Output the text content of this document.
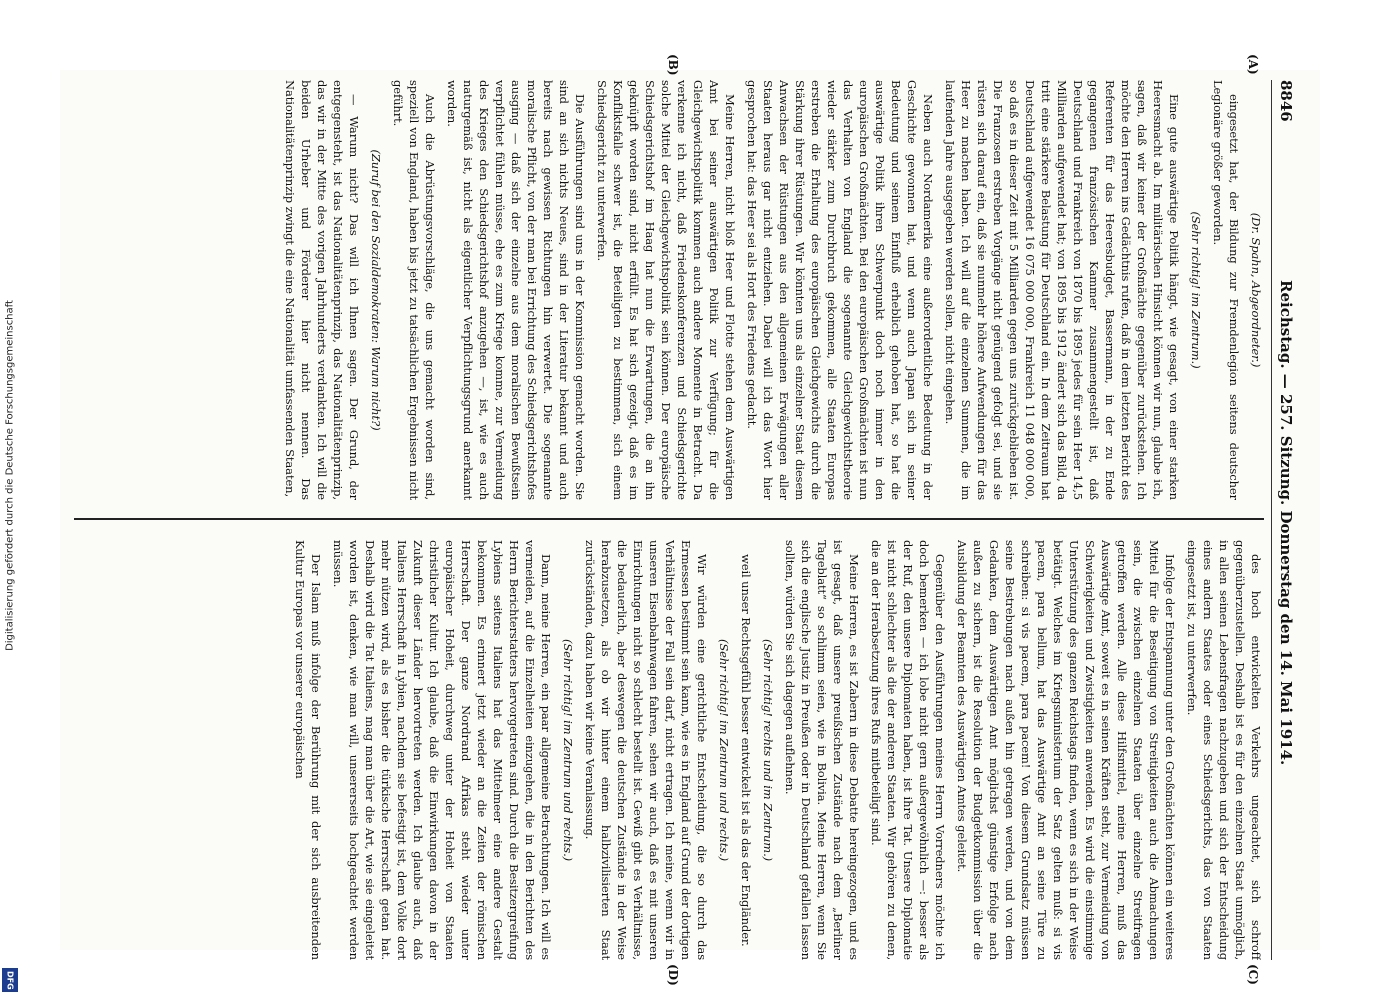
8846
Reichstag. — 257. Sitzung. Donnerstag den 14. Mai 1914.
(A)
(B)
(C)
(D)

(Dr. Spahn, Abgeordneter.)

eingesetzt hat, der Bildung zur Fremdenlegion seitens deutscher Legionäre größer geworden.

(Sehr richtig! im Zentrum.)

Eine gute auswärtige Politik hängt, wie gesagt, von einer starken Heeresmacht ab. Im militärischen Hinsicht können wir nun, glaube ich, sagen, daß wir keiner der Großmächte gegenüber zurückstehen. Ich möchte den Herren ins Gedächtnis rufen, daß in dem letzten Bericht des Referenten für das Heeresbudget, Bassermann, in der zu Ende gegangenen französischen Kammer zusammengestellt ist, daß Deutschland und Frankreich von 1870 bis 1895 jedes für sein Heer 14,5 Milliarden aufgewendet hat; von 1895 bis 1912 ändert sich das Bild, da tritt eine stärkere Belastung für Deutschland ein. In dem Zeitraum hat Deutschland aufgewendet 16 075 000 000, Frankreich 11 048 000 000, so daß es in dieser Zeit mit 5 Milliarden gegen uns zurückgeblieben ist. Die Franzosen erstreben Vorgänge nicht genügend gefolgt sei, und sie rüsten sich darauf ein, daß sie nunmehr höhere Aufwendungen für das Heer zu machen haben. Ich will auf die einzelnen Summen, die im laufenden Jahre ausgegeben werden sollen, nicht eingehen.

Neben auch Nordamerika eine außerordentliche Bedeutung in der Geschichte gewonnen hat, und wenn auch Japan sich in seiner Bedeutung und seinem Einfluß erheblich gehoben hat, so hat die auswärtige Politik ihren Schwerpunkt doch noch immer in den europäischen Großmächten. Bei den europäischen Großmächten ist nun das Verhalten von England die sogenannte Gleichgewichtstheorie wieder stärker zum Durchbruch gekommen, alle Staaten Europas erstreben die Erhaltung des europäischen Gleichgewichts durch die Stärkung ihrer Rüstungen. Wir könnten uns als einzelner Staat diesem Anwachsen der Rüstungen aus den allgemeinen Erwägungen aller Staaten heraus gar nicht entziehen. Dabei will ich das Wort hier gesprochen hat: das Heer sei als Hort des Friedens gedacht.

Meine Herren, nicht bloß Heer und Flotte stehen dem Auswärtigen Amt bei seiner auswärtigen Politik zur Verfügung; für die Gleichgewichtspolitik kommen auch andere Momente in Betracht. Da verkenne ich nicht, daß Friedenskonferenzen und Schiedsgerichte solche Mittel der Gleichgewichtspolitik sein können. Der europäische Schiedsgerichtshof im Haag hat nun die Erwartungen, die an ihn geknüpft worden sind, nicht erfüllt. Es hat sich gezeigt, daß es im Konfliktsfalle schwer ist, die Beteiligten zu bestimmen, sich einem Schiedsgericht zu unterwerfen.

Die Ausführungen sind uns in der Kommission gemacht worden. Sie sind an sich nichts Neues, sind in der Literatur bekannt und auch bereits nach gewissen Richtungen hin verwertet. Die sogenannte moralische Pflicht, von der man bei Errichtung des Schiedsgerichtshofes ausging — daß sich der einzelne aus dem moralischen Bewußtsein verpflichtet fühlen müsse, ehe es zum Kriege komme, zur Vermeidung des Krieges den Schiedsgerichtshof anzugehen —, ist, wie es auch naturgemäß ist, nicht als eigentlicher Verpflichtungsgrund anerkannt worden.

Auch die Abrüstungsvorschläge, die uns gemacht worden sind, speziell von England, haben bis jetzt zu tatsächlichen Ergebnissen nicht geführt.

(Zuruf bei den Sozialdemokraten: Warum nicht?)

— Warum nicht? Das will ich Ihnen sagen. Der Grund, der entgegensteht, ist das Nationalitätenprinzip, das Nationalitätenprinzip, das wir in der Mitte des vorigen Jahrhunderts verdankten. Ich will die beiden Urheber und Förderer hier nicht nennen. Das Nationalitätenprinzip zwingt die eine Nationalität umfassenden Staaten,

des hoch entwickelten Verkehrs ungeachtet, sich schroff gegenüberzustellen. Deshalb ist es für den einzelnen Staat unmöglich, in allen seinen Lebensfragen nachzugeben und sich der Entscheidung eines andern Staates oder eines Schiedsgerichts, das von Staaten eingesetzt ist, zu unterwerfen.

Infolge der Entspannung unter den Großmächten können ein weiteres Mittel für die Beseitigung von Streitigkeiten auch die Abmachungen sein, die zwischen einzelnen Staaten über einzelne Streitfragen getroffen werden. Alle diese Hilfsmittel, meine Herren, muß das Auswärtige Amt, soweit es in seinen Kräften steht, zur Vermeidung von Schwierigkeiten und Zwistigkeiten anwenden. Es wird die einstimmige Unterstützung des ganzen Reichstags finden, wenn es sich in der Weise betätigt. Welches im Kriegsministerium der Satz gelten muß: si vis pacem, para bellum, hat das Auswärtige Amt an seine Türe zu schreiben: si vis pacem, para pacem! Von diesem Grundsatz müssen seine Bestrebungen nach außen hin getragen werden, und von dem Gedanken, dem Auswärtigen Amt möglichst günstige Erfolge nach außen zu sichern, ist die Resolution der Budgetkommission über die Ausbildung der Beamten des Auswärtigen Amtes geleitet.

Gegenüber den Ausführungen meines Herrn Vorredners möchte ich doch bemerken — ich lobe nicht gern außergewöhnlich —: besser als der Ruf, den unsere Diplomaten haben, ist ihre Tat. Unsere Diplomatie ist nicht schlechter als die der anderen Staaten. Wir gehören zu denen, die an der Herabsetzung ihres Rufs mitbeteiligt sind.

Meine Herren, es ist Zabern in diese Debatte hereingezogen, und es ist gesagt, daß unsere preußischen Zustände nach dem „Berliner Tageblatt“ so schlimm seien, wie in Bolivia. Meine Herren, wenn Sie sich die englische Justiz in Preußen oder in Deutschland gefallen lassen sollten, würden Sie sich dagegen auflehnen.

(Sehr richtig! rechts und im Zentrum.)

weil unser Rechtsgefühl besser entwickelt ist als das der Engländer.

(Sehr richtig! im Zentrum und rechts.)

Wir würden eine gerichtliche Entscheidung, die so durch das Ermessen bestimmt sein kann, wie es in England auf Grund der dortigen Verhältnisse der Fall sein darf, nicht ertragen. Ich meine, wenn wir in unseren Eisenbahnwagen fahren, sehen wir auch, daß es mit unseren Einrichtungen nicht so schlecht bestellt ist. Gewiß gibt es Verhältnisse, die bedauerlich, aber deswegen die deutschen Zustände in der Weise herabzusetzen, als ob wir hinter einem halbzivilisierten Staat zurückständen, dazu haben wir keine Veranlassung.

(Sehr richtig! im Zentrum und rechts.)

Dann, meine Herren, ein paar allgemeine Betrachtungen. Ich will es vermeiden, auf die Einzelheiten einzugehen, die in den Berichten des Herrn Berichterstatters hervorgetreten sind. Durch die Besitzergreifung Lybiens seitens Italiens hat das Mittelmeer eine andere Gestalt bekommen. Es erinnert jetzt wieder an die Zeiten der römischen Herrschaft. Der ganze Nordrand Afrikas steht wieder unter europäischer Hoheit, durchweg unter der Hoheit von Staaten christlicher Kultur. Ich glaube, daß die Einwirkungen davon in der Zukunft dieser Länder hervortreten werden. Ich glaube auch, daß Italiens Herrschaft in Lybien, nachdem sie befestigt ist, dem Volke dort mehr nützen wird, als es bisher die türkische Herrschaft getan hat. Deshalb wird die Tat Italiens, mag man über die Art, wie sie eingeleitet worden ist, denken, wie man will, unsererseits hochgeachtet werden müssen.

Der Islam muß infolge der Berührung mit der sich ausbreitenden Kultur Europas vor unserer europäischen

Digitalisierung gefördert durch die Deutsche Forschungsgemeinschaft
DFG
